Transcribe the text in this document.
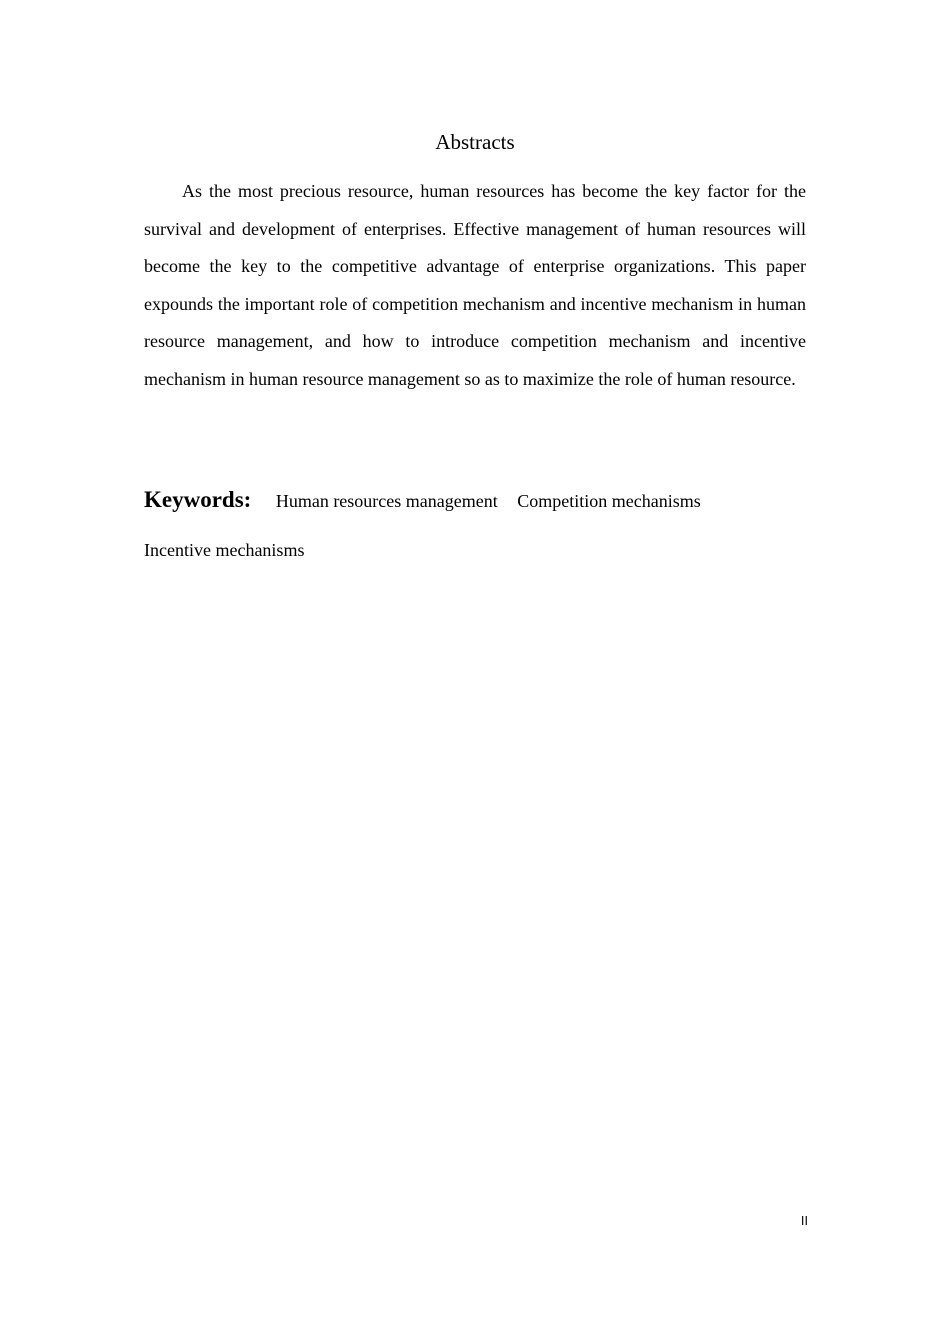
Abstracts

As the most precious resource, human resources has become the key factor for the survival and development of enterprises. Effective management of human resources will become the key to the competitive advantage of enterprise organizations. This paper expounds the important role of competition mechanism and incentive mechanism in human resource management, and how to introduce competition mechanism and incentive mechanism in human resource management so as to maximize the role of human resource.

Keywords: Human resources management Competition mechanisms

Incentive mechanisms
II
